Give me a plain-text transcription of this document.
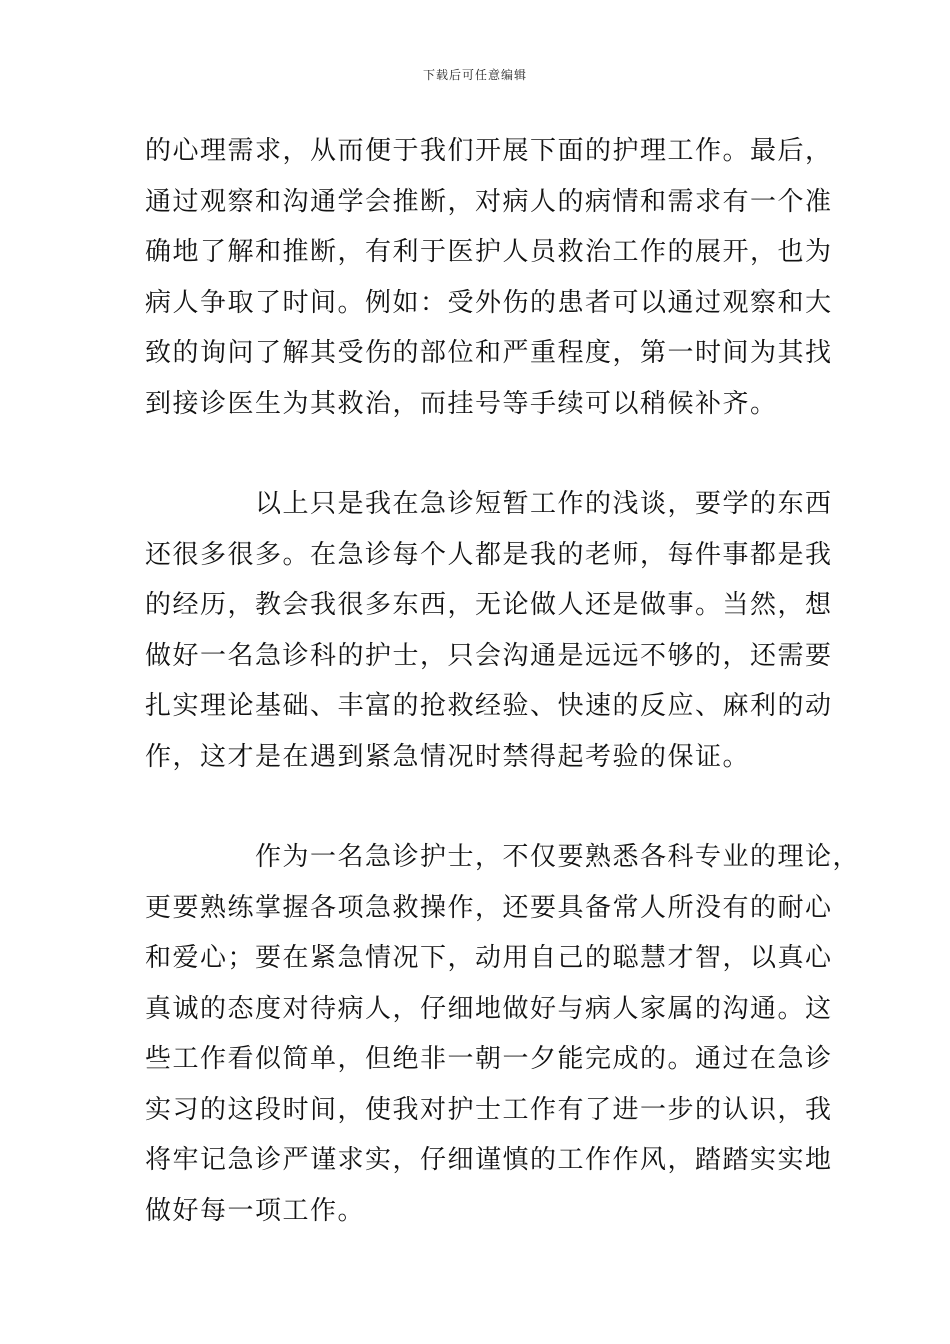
下载后可任意编辑

的心理需求，从而便于我们开展下面的护理工作。最后，
通过观察和沟通学会推断，对病人的病情和需求有一个准
确地了解和推断，有利于医护人员救治工作的展开，也为
病人争取了时间。例如：受外伤的患者可以通过观察和大
致的询问了解其受伤的部位和严重程度，第一时间为其找
到接诊医生为其救治，而挂号等手续可以稍候补齐。

以上只是我在急诊短暂工作的浅谈，要学的东西
还很多很多。在急诊每个人都是我的老师，每件事都是我
的经历，教会我很多东西，无论做人还是做事。当然，想
做好一名急诊科的护士，只会沟通是远远不够的，还需要
扎实理论基础、丰富的抢救经验、快速的反应、麻利的动
作，这才是在遇到紧急情况时禁得起考验的保证。

作为一名急诊护士，不仅要熟悉各科专业的理论，
更要熟练掌握各项急救操作，还要具备常人所没有的耐心
和爱心；要在紧急情况下，动用自己的聪慧才智，以真心
真诚的态度对待病人，仔细地做好与病人家属的沟通。这
些工作看似简单，但绝非一朝一夕能完成的。通过在急诊
实习的这段时间，使我对护士工作有了进一步的认识，我
将牢记急诊严谨求实，仔细谨慎的工作作风，踏踏实实地
做好每一项工作。
